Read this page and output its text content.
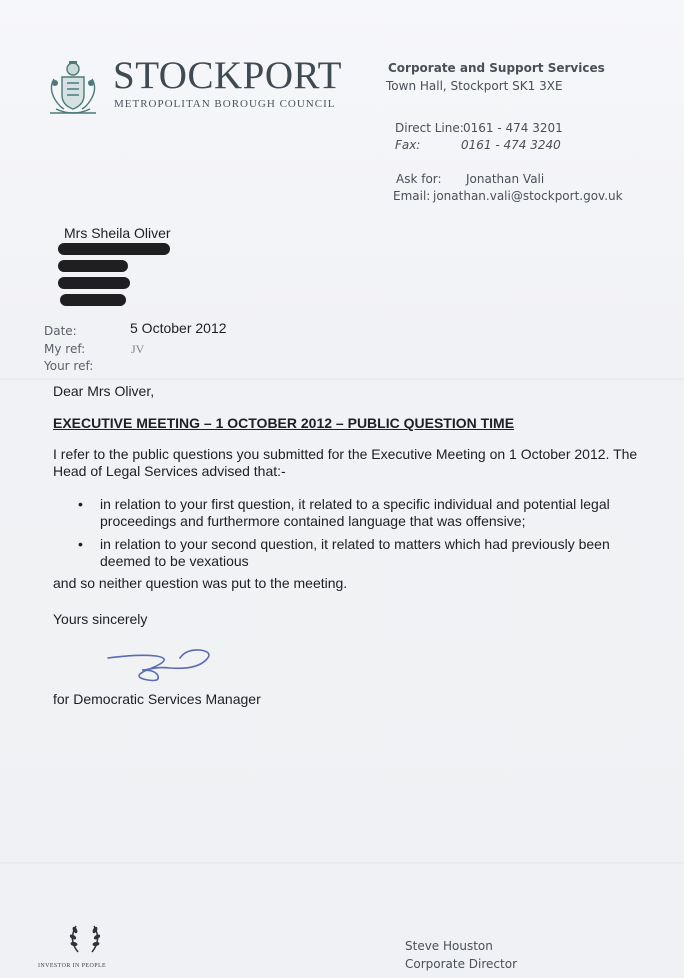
STOCKPORT
METROPOLITAN BOROUGH COUNCIL
Corporate and Support Services
Town Hall, Stockport SK1 3XE
Direct Line: 0161 - 474 3201
Fax:	0161 - 474 3240
Ask for: Jonathan Vali
Email: jonathan.vali@stockport.gov.uk
Mrs Sheila Oliver
Date:	5 October 2012
My ref:	JV
Your ref:
Dear Mrs Oliver,
EXECUTIVE MEETING – 1 OCTOBER 2012 – PUBLIC QUESTION TIME
I refer to the public questions you submitted for the Executive Meeting on 1 October 2012. The
Head of Legal Services advised that:-
• in relation to your first question, it related to a specific individual and potential legal proceedings and furthermore contained language that was offensive;
• in relation to your second question, it related to matters which had previously been deemed to be vexatious
and so neither question was put to the meeting.
Yours sincerely
for Democratic Services Manager
INVESTOR IN PEOPLE
Steve Houston
Corporate Director
